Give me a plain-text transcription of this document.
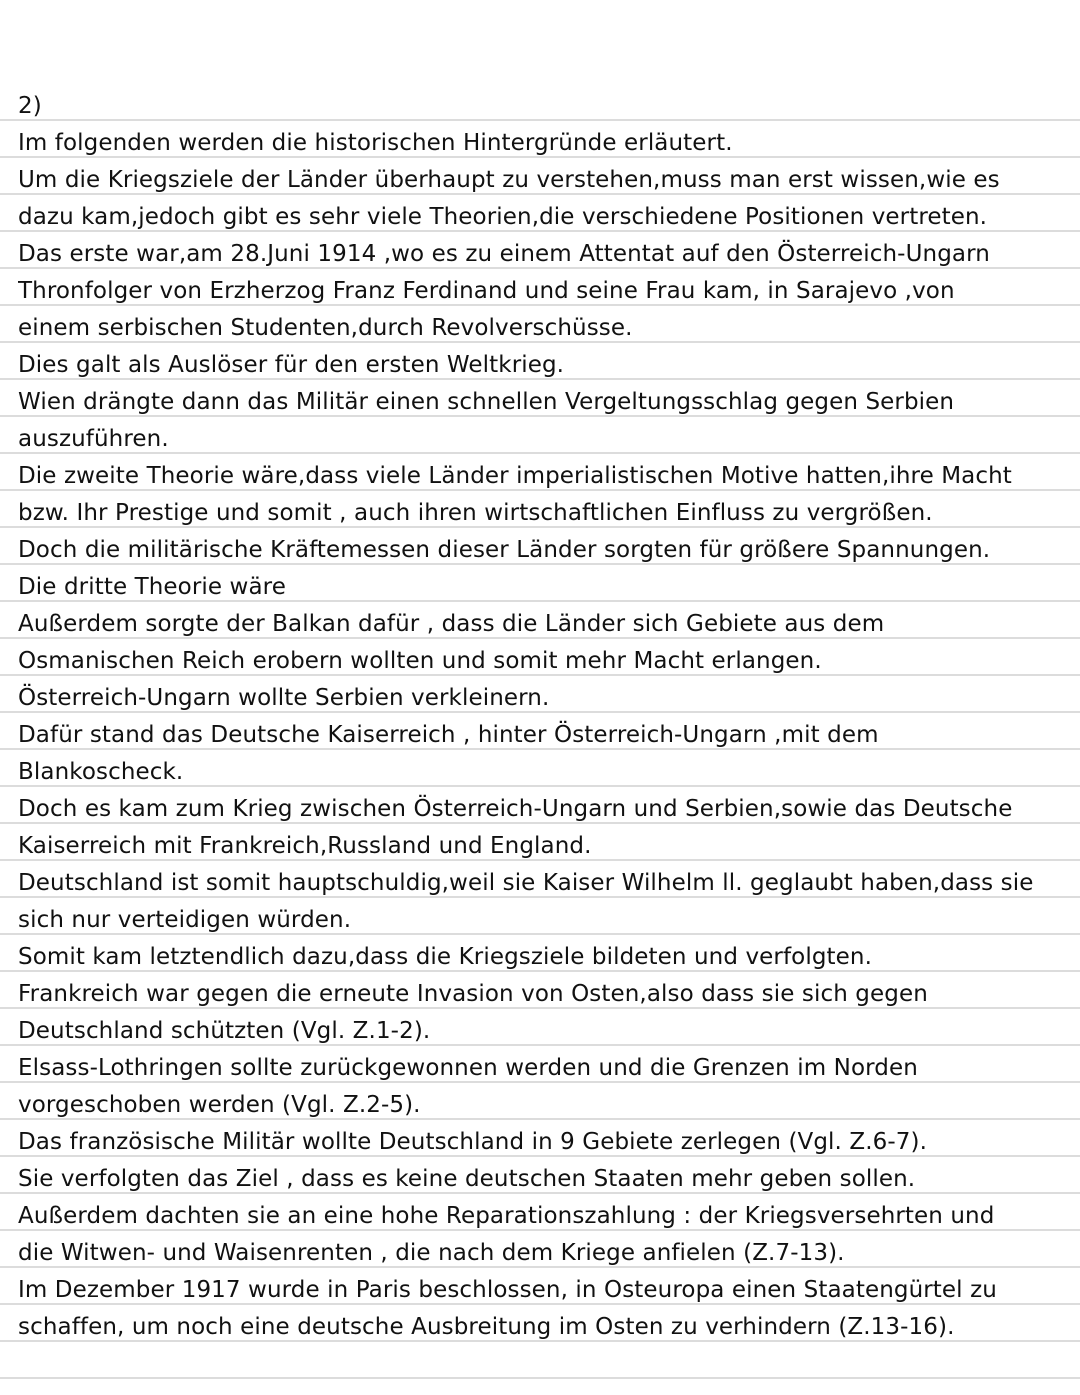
2)
Im folgenden werden die historischen Hintergründe erläutert.
Um die Kriegsziele der Länder überhaupt zu verstehen,muss man erst wissen,wie es
dazu kam,jedoch gibt es sehr viele Theorien,die verschiedene Positionen vertreten.
Das erste war,am 28.Juni 1914 ,wo es zu einem Attentat auf den Österreich-Ungarn
Thronfolger von Erzherzog Franz Ferdinand und seine Frau kam, in Sarajevo ,von
einem serbischen Studenten,durch Revolverschüsse.
Dies galt als Auslöser für den ersten Weltkrieg.
Wien drängte dann das Militär einen schnellen Vergeltungsschlag gegen Serbien
auszuführen.
Die zweite Theorie wäre,dass viele Länder imperialistischen Motive hatten,ihre Macht
bzw. Ihr Prestige und somit , auch ihren wirtschaftlichen Einfluss zu vergrößen.
Doch die militärische Kräftemessen dieser Länder sorgten für größere Spannungen.
Die dritte Theorie wäre
Außerdem sorgte der Balkan dafür , dass die Länder sich Gebiete aus dem
Osmanischen Reich erobern wollten und somit mehr Macht erlangen.
Österreich-Ungarn wollte Serbien verkleinern.
Dafür stand das Deutsche Kaiserreich , hinter Österreich-Ungarn ,mit dem
Blankoscheck.
Doch es kam zum Krieg zwischen Österreich-Ungarn und Serbien,sowie das Deutsche
Kaiserreich mit Frankreich,Russland und England.
Deutschland ist somit hauptschuldig,weil sie Kaiser Wilhelm ll. geglaubt haben,dass sie
sich nur verteidigen würden.
Somit kam letztendlich dazu,dass die Kriegsziele bildeten und verfolgten.
Frankreich war gegen die erneute Invasion von Osten,also dass sie sich gegen
Deutschland schützten (Vgl. Z.1-2).
Elsass-Lothringen sollte zurückgewonnen werden und die Grenzen im Norden
vorgeschoben werden (Vgl. Z.2-5).
Das französische Militär wollte Deutschland in 9 Gebiete zerlegen (Vgl. Z.6-7).
Sie verfolgten das Ziel , dass es keine deutschen Staaten mehr geben sollen.
Außerdem dachten sie an eine hohe Reparationszahlung : der Kriegsversehrten und
die Witwen- und Waisenrenten , die nach dem Kriege anfielen (Z.7-13).
Im Dezember 1917 wurde in Paris beschlossen, in Osteuropa einen Staatengürtel zu
schaffen, um noch eine deutsche Ausbreitung im Osten zu verhindern (Z.13-16).
